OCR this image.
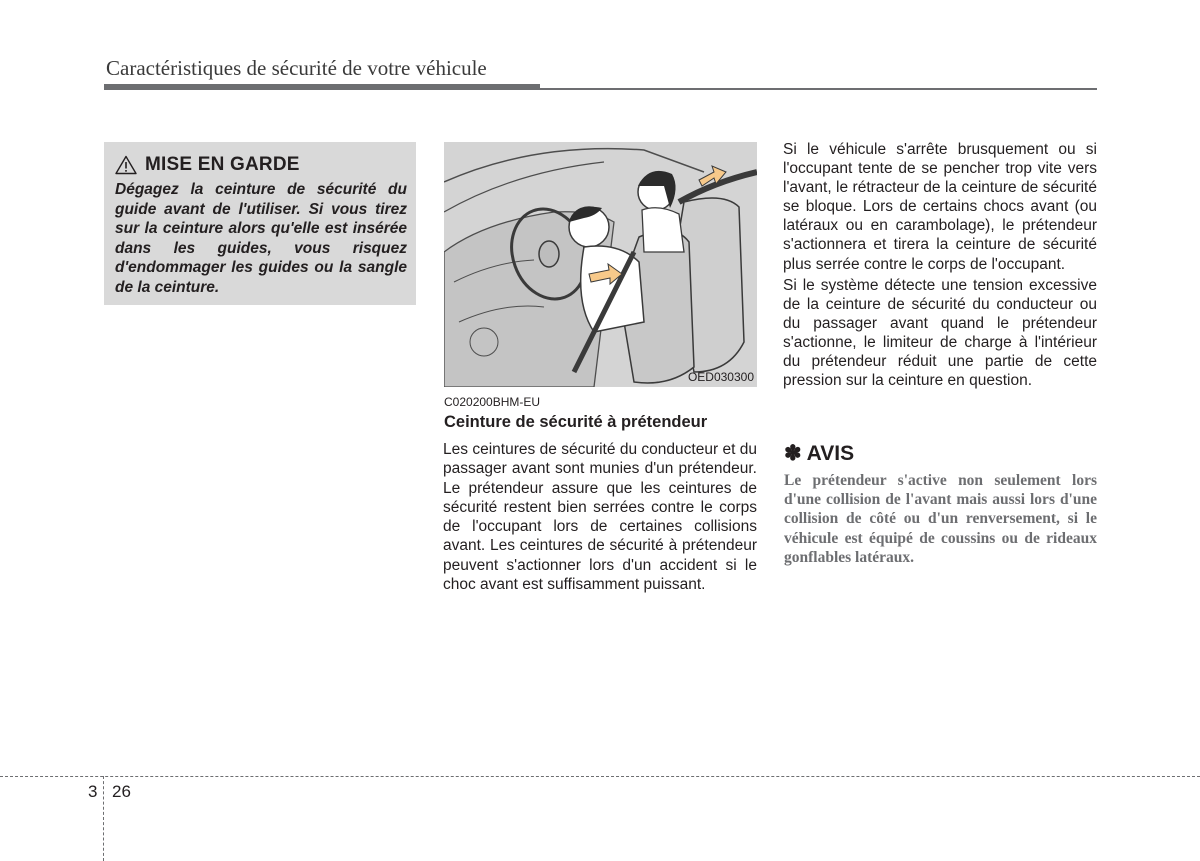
Caractéristiques de sécurité de votre véhicule
MISE EN GARDE
Dégagez la ceinture de sécurité du guide avant de l'utiliser. Si vous tirez sur la ceinture alors qu'elle est insérée dans les guides, vous risquez d'endommager les guides ou la sangle de la ceinture.
OED030300
C020200BHM-EU
Ceinture de sécurité à prétendeur
Les ceintures de sécurité du conducteur et du passager avant sont munies d'un prétendeur. Le prétendeur assure que les ceintures de sécurité restent bien serrées contre le corps de l'occupant lors de certaines collisions avant. Les ceintures de sécurité à prétendeur peuvent s'actionner lors d'un accident si le choc avant est suffisamment puissant.

Si le véhicule s'arrête brusquement ou si l'occupant tente de se pencher trop vite vers l'avant, le rétracteur de la ceinture de sécurité se bloque. Lors de certains chocs avant (ou latéraux ou en carambolage), le prétendeur s'actionnera et tirera la ceinture de sécurité plus serrée contre le corps de l'occupant.

Si le système détecte une tension excessive de la ceinture de sécurité du conducteur ou du passager avant quand le prétendeur s'actionne, le limiteur de charge à l'intérieur du prétendeur réduit une partie de cette pression sur la ceinture en question.

✽ AVIS
Le prétendeur s'active non seulement lors d'une collision de l'avant mais aussi lors d'une collision de côté ou d'un renversement, si le véhicule est équipé de coussins ou de rideaux gonflables latéraux.
3 26
